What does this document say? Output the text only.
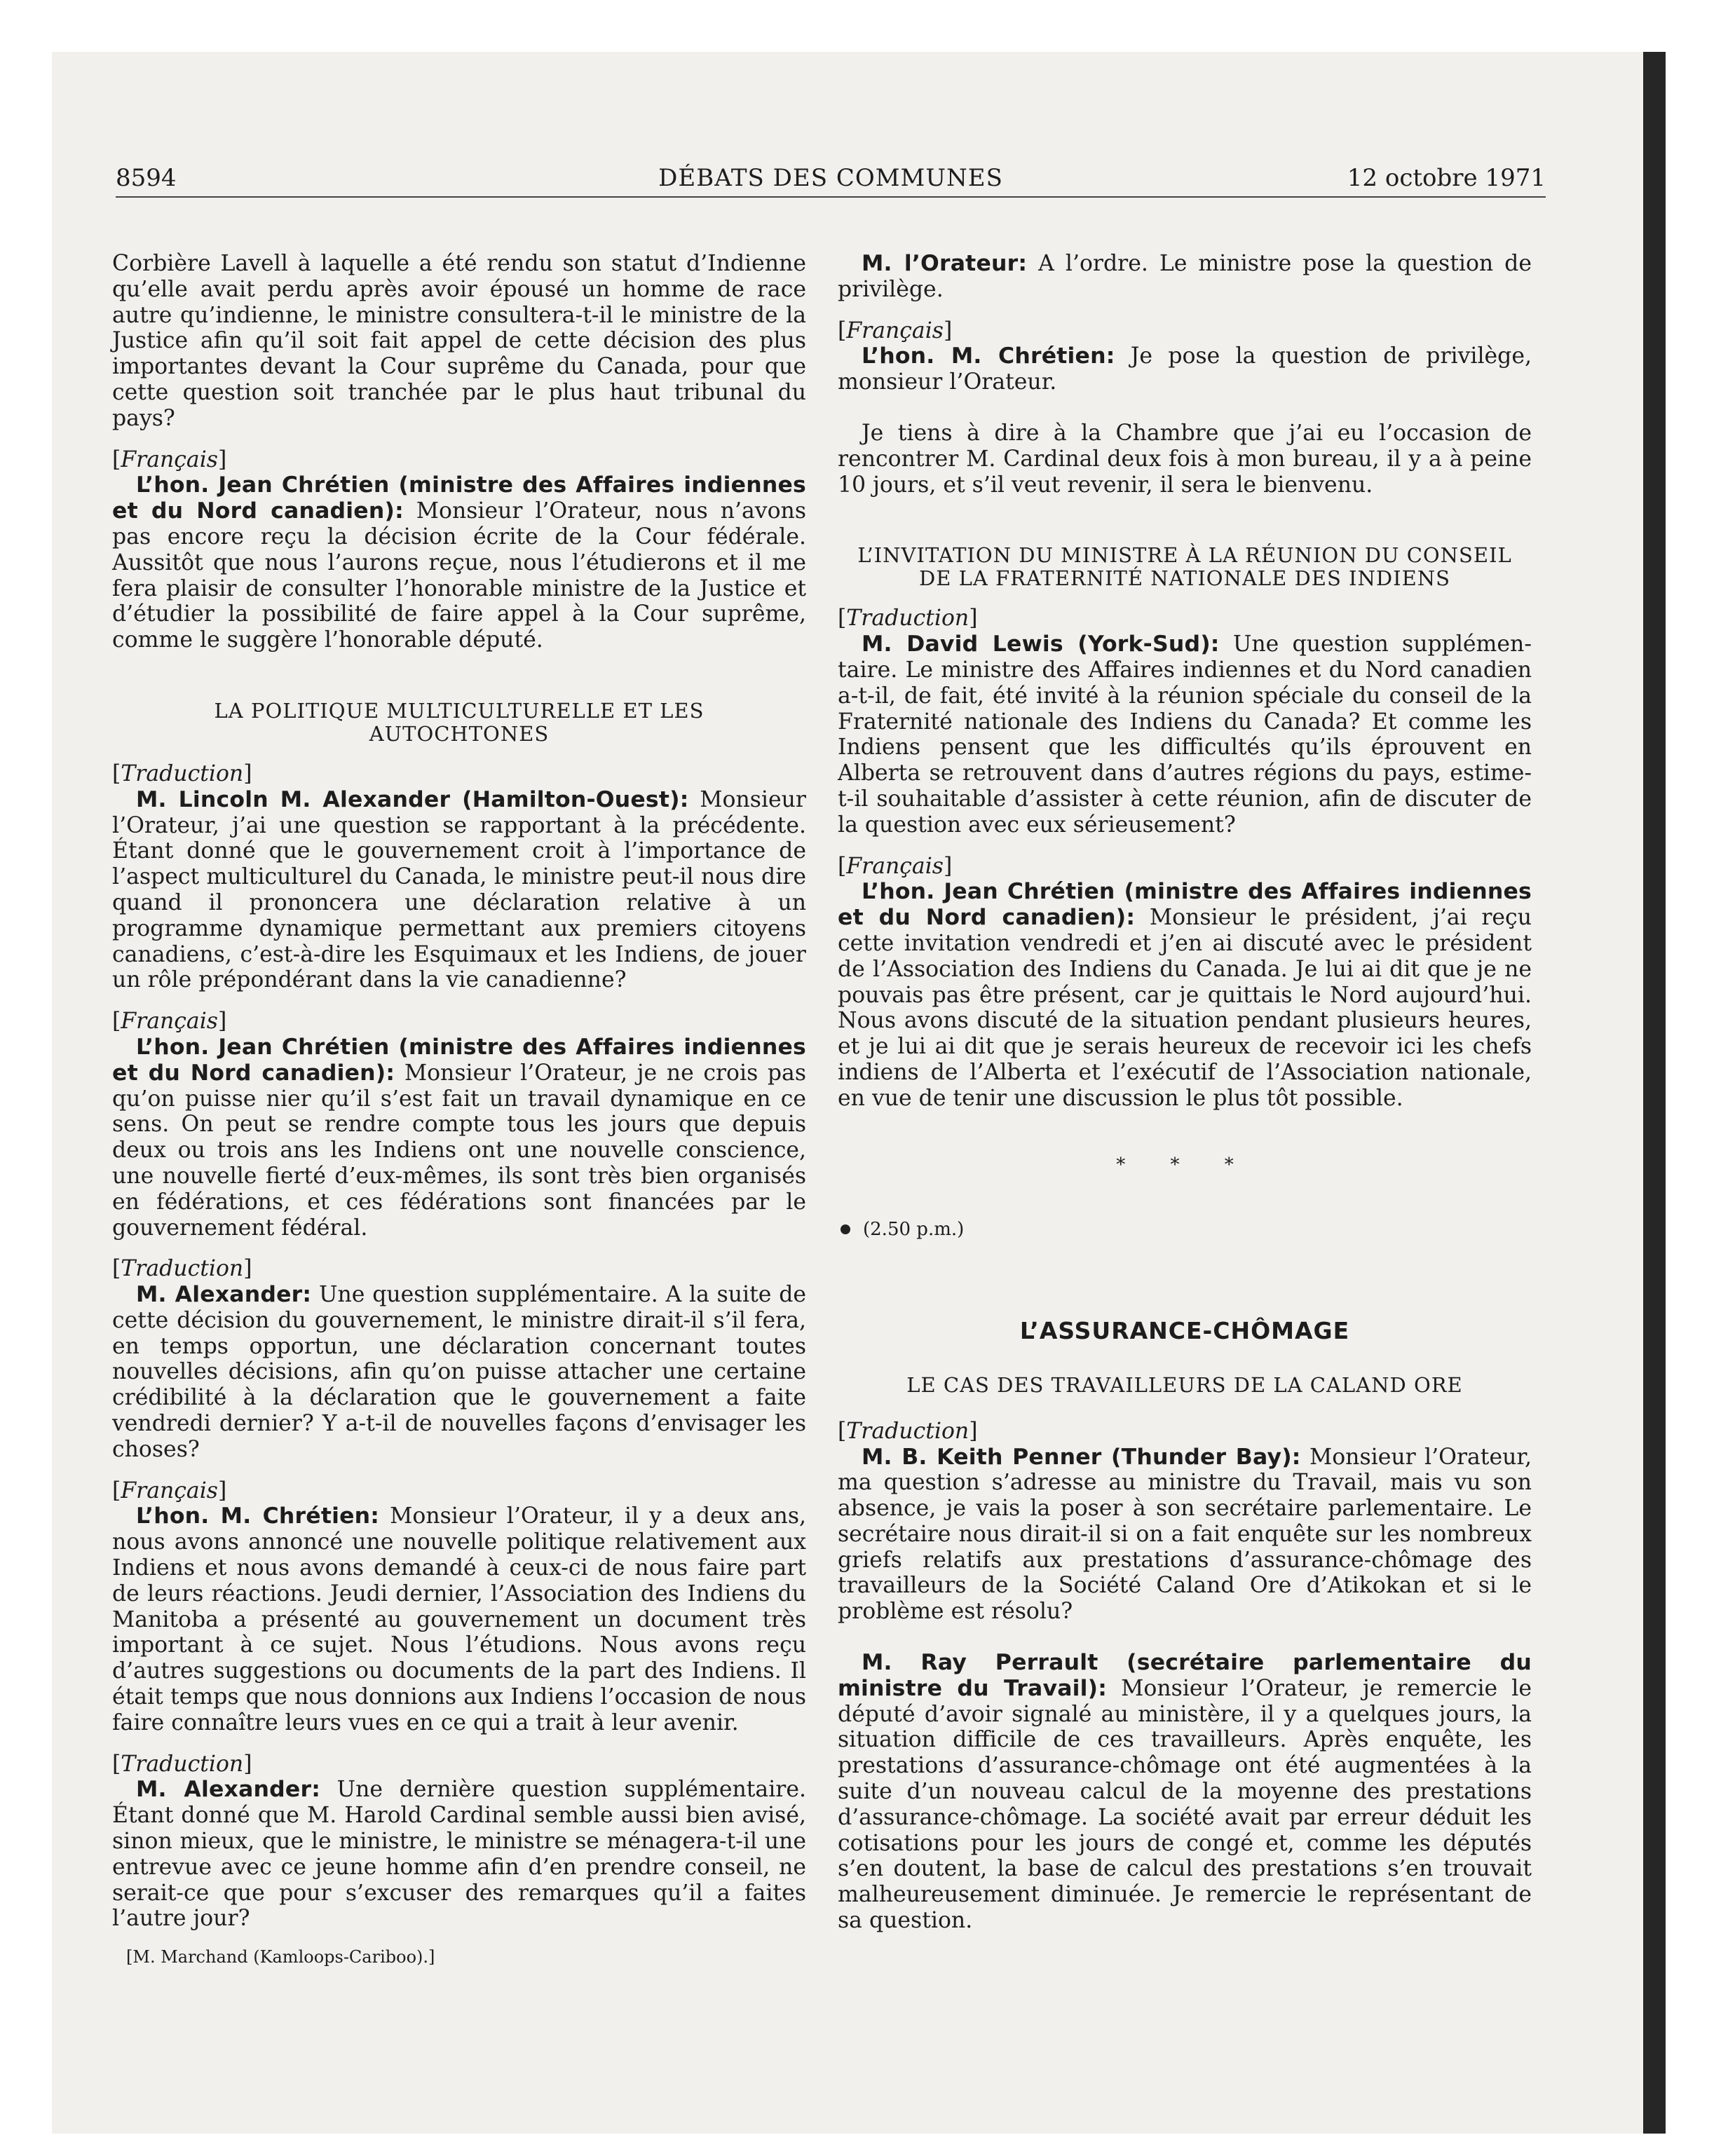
8594	DÉBATS DES COMMUNES	12 octobre 1971

Corbière Lavell à laquelle a été rendu son statut d’Indienne qu’elle avait perdu après avoir épousé un homme de race autre qu’indienne, le ministre consultera-t-il le ministre de la Justice afin qu’il soit fait appel de cette décision des plus importantes devant la Cour suprême du Canada, pour que cette question soit tranchée par le plus haut tribunal du pays?

[ Français ]

L’hon. Jean Chrétien (ministre des Affaires indiennes et du Nord canadien): Monsieur l’Orateur, nous n’avons pas encore reçu la décision écrite de la Cour fédérale. Aussitôt que nous l’aurons reçue, nous l’étudierons et il me fera plaisir de consulter l’honorable ministre de la Justice et d’étudier la possibilité de faire appel à la Cour suprême, comme le suggère l’honorable député.

LA POLITIQUE MULTICULTURELLE ET LES AUTOCHTONES

[ Traduction ]

M. Lincoln M. Alexander (Hamilton-Ouest): Monsieur l’Orateur, j’ai une question se rapportant à la précédente. Étant donné que le gouvernement croit à l’importance de l’aspect multiculturel du Canada, le ministre peut-il nous dire quand il prononcera une déclaration relative à un programme dynamique permettant aux premiers citoyens canadiens, c’est-à-dire les Esquimaux et les Indiens, de jouer un rôle prépondérant dans la vie canadienne?

[ Français ]

L’hon. Jean Chrétien (ministre des Affaires indiennes et du Nord canadien): Monsieur l’Orateur, je ne crois pas qu’on puisse nier qu’il s’est fait un travail dynamique en ce sens. On peut se rendre compte tous les jours que depuis deux ou trois ans les Indiens ont une nouvelle conscience, une nouvelle fierté d’eux-mêmes, ils sont très bien organisés en fédérations, et ces fédérations sont financées par le gouvernement fédéral.

[ Traduction ]

M. Alexander: Une question supplémentaire. A la suite de cette décision du gouvernement, le ministre dirait-il s’il fera, en temps opportun, une déclaration concernant toutes nouvelles décisions, afin qu’on puisse attacher une certaine crédibilité à la déclaration que le gouvernement a faite vendredi dernier? Y a-t-il de nouvelles façons d’envisager les choses?

[ Français ]

L’hon. M. Chrétien: Monsieur l’Orateur, il y a deux ans, nous avons annoncé une nouvelle politique relativement aux Indiens et nous avons demandé à ceux-ci de nous faire part de leurs réactions. Jeudi dernier, l’Association des Indiens du Manitoba a présenté au gouvernement un document très important à ce sujet. Nous l’étudions. Nous avons reçu d’autres suggestions ou documents de la part des Indiens. Il était temps que nous donnions aux Indiens l’occasion de nous faire connaître leurs vues en ce qui a trait à leur avenir.

[ Traduction ]

M. Alexander: Une dernière question supplémentaire. Étant donné que M. Harold Cardinal semble aussi bien avisé, sinon mieux, que le ministre, le ministre se ménagera-t-il une entrevue avec ce jeune homme afin d’en prendre conseil, ne serait-ce que pour s’excuser des remarques qu’il a faites l’autre jour?

[M. Marchand (Kamloops-Cariboo).]

M. l’Orateur: A l’ordre. Le ministre pose la question de privilège.

[ Français ]

L’hon. M. Chrétien: Je pose la question de privilège, monsieur l’Orateur.

Je tiens à dire à la Chambre que j’ai eu l’occasion de rencontrer M. Cardinal deux fois à mon bureau, il y a à peine 10 jours, et s’il veut revenir, il sera le bienvenu.

L’INVITATION DU MINISTRE À LA RÉUNION DU CONSEIL DE LA FRATERNITÉ NATIONALE DES INDIENS

[ Traduction ]

M. David Lewis (York-Sud): Une question supplémentaire. Le ministre des Affaires indiennes et du Nord canadien a-t-il, de fait, été invité à la réunion spéciale du conseil de la Fraternité nationale des Indiens du Canada? Et comme les Indiens pensent que les difficultés qu’ils éprouvent en Alberta se retrouvent dans d’autres régions du pays, estime-t-il souhaitable d’assister à cette réunion, afin de discuter de la question avec eux sérieusement?

[ Français ]

L’hon. Jean Chrétien (ministre des Affaires indiennes et du Nord canadien): Monsieur le président, j’ai reçu cette invitation vendredi et j’en ai discuté avec le président de l’Association des Indiens du Canada. Je lui ai dit que je ne pouvais pas être présent, car je quittais le Nord aujourd’hui. Nous avons discuté de la situation pendant plusieurs heures, et je lui ai dit que je serais heureux de recevoir ici les chefs indiens de l’Alberta et l’exécutif de l’Association nationale, en vue de tenir une discussion le plus tôt possible.

* * *

(2.50 p.m.)

L’ASSURANCE-CHÔMAGE

LE CAS DES TRAVAILLEURS DE LA CALAND ORE

[ Traduction ]

M. B. Keith Penner (Thunder Bay): Monsieur l’Orateur, ma question s’adresse au ministre du Travail, mais vu son absence, je vais la poser à son secrétaire parlementaire. Le secrétaire nous dirait-il si on a fait enquête sur les nombreux griefs relatifs aux prestations d’assurance-chômage des travailleurs de la Société Caland Ore d’Atikokan et si le problème est résolu?

M. Ray Perrault (secrétaire parlementaire du ministre du Travail): Monsieur l’Orateur, je remercie le député d’avoir signalé au ministère, il y a quelques jours, la situation difficile de ces travailleurs. Après enquête, les prestations d’assurance-chômage ont été augmentées à la suite d’un nouveau calcul de la moyenne des prestations d’assurance-chômage. La société avait par erreur déduit les cotisations pour les jours de congé et, comme les députés s’en doutent, la base de calcul des prestations s’en trouvait malheureusement diminuée. Je remercie le représentant de sa question.
